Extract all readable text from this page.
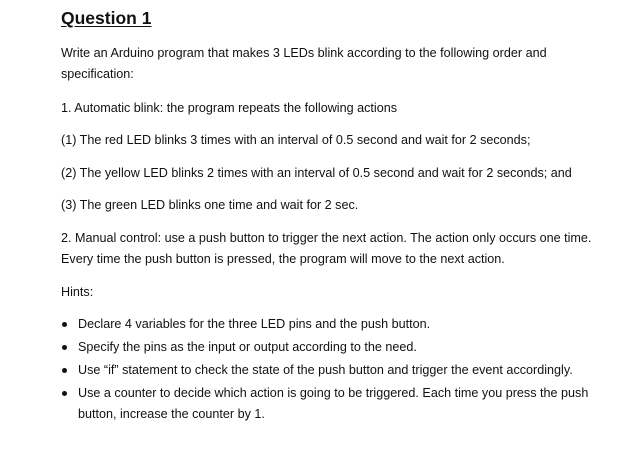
Question 1

Write an Arduino program that makes 3 LEDs blink according to the following order and specification:

1. Automatic blink: the program repeats the following actions

(1) The red LED blinks 3 times with an interval of 0.5 second and wait for 2 seconds;

(2) The yellow LED blinks 2 times with an interval of 0.5 second and wait for 2 seconds; and

(3) The green LED blinks one time and wait for 2 sec.

2. Manual control: use a push button to trigger the next action. The action only occurs one time. Every time the push button is pressed, the program will move to the next action.

Hints:

Declare 4 variables for the three LED pins and the push button.
Specify the pins as the input or output according to the need.
Use “if” statement to check the state of the push button and trigger the event accordingly.
Use a counter to decide which action is going to be triggered. Each time you press the push button, increase the counter by 1.
